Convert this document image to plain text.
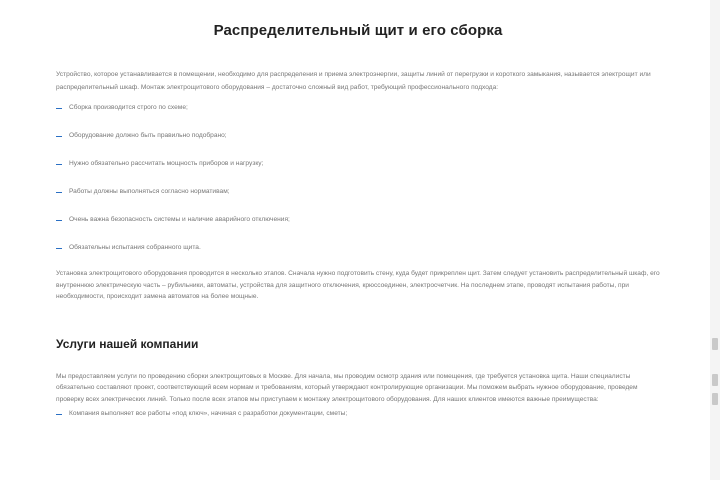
Распределительный щит и его сборка

Устройство, которое устанавливается в помещении, необходимо для распределения и приема электроэнергии, защиты линий от перегрузки и короткого замыкания, называется электрощит или распределительный шкаф. Монтаж электрощитового оборудования – достаточно сложный вид работ, требующий профессионального подхода:

Сборка производится строго по схеме;
Оборудование должно быть правильно подобрано;
Нужно обязательно рассчитать мощность приборов и нагрузку;
Работы должны выполняться согласно нормативам;
Очень важна безопасность системы и наличие аварийного отключения;
Обязательны испытания собранного щита.

Установка электрощитового оборудования проводится в несколько этапов. Сначала нужно подготовить стену, куда будет прикреплен щит. Затем следует установить распределительный шкаф, его внутреннюю электрическую часть – рубильники, автоматы, устройства для защитного отключения, крюссоединен, электросчетчик. На последнем этапе, проводят испытания работы, при необходимости, происходит замена автоматов на более мощные.

Услуги нашей компании

Мы предоставляем услуги по проведению сборки электрощитовых в Москве. Для начала, мы проводим осмотр здания или помещения, где требуется установка щита. Наши специалисты обязательно составляют проект, соответствующий всем нормам и требованиям, который утверждают контролирующие организации. Мы поможем выбрать нужное оборудование, проведем проверку всех электрических линий. Только после всех этапов мы приступаем к монтажу электрощитового оборудования. Для наших клиентов имеются важные преимущества:

Компания выполняет все работы «под ключ», начиная с разработки документации, сметы;
